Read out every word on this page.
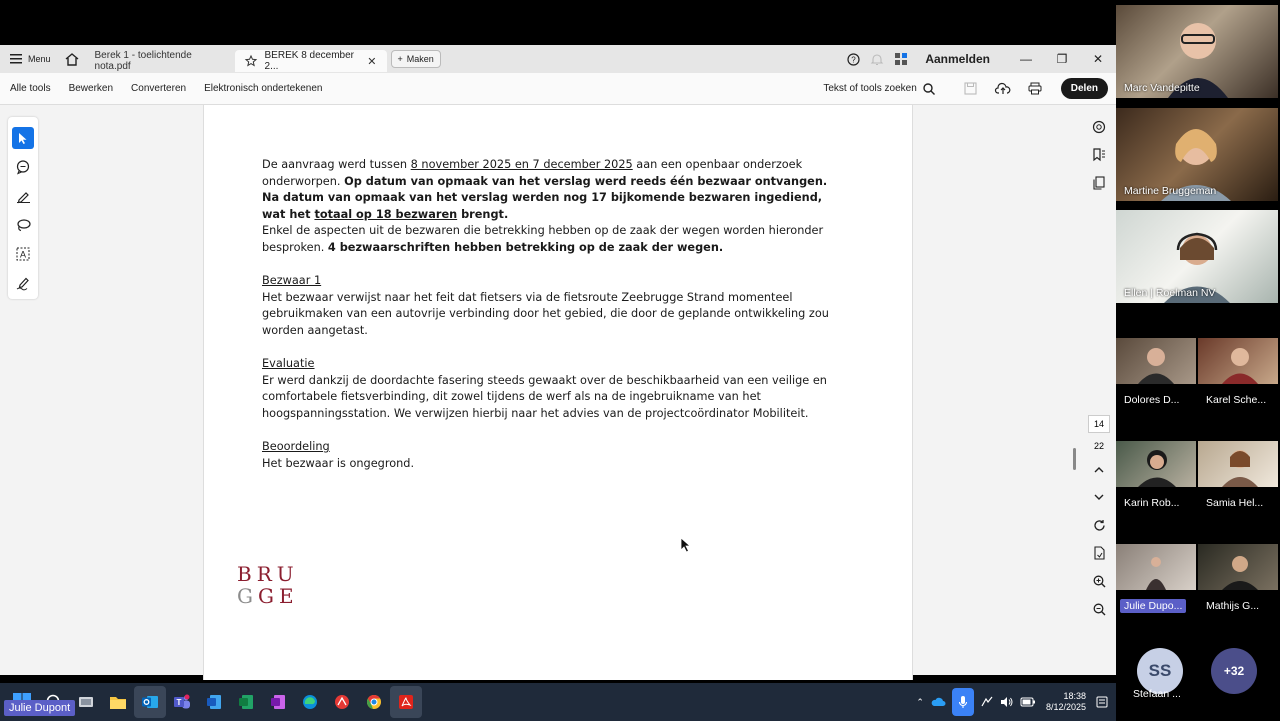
Menu	Berek 1 - toelichtende nota.pdf
BEREK 8 december 2...	✕ + Maken	?	Aanmelden	—	❐	✕
Alle tools Bewerken Converteren Elektronisch ondertekenen	Tekst of tools zoeken	Delen
A

De aanvraag werd tussen 8 november 2025 en 7 december 2025 aan een openbaar onderzoek onderworpen. Op datum van opmaak van het verslag werd reeds één bezwaar ontvangen. Na datum van opmaak van het verslag werden nog 17 bijkomende bezwaren ingediend, wat het totaal op 18 bezwaren brengt.
Enkel de aspecten uit de bezwaren die betrekking hebben op de zaak der wegen worden hieronder besproken. 4 bezwaarschriften hebben betrekking op de zaak der wegen.

Bezwaar 1
Het bezwaar verwijst naar het feit dat fietsers via de fietsroute Zeebrugge Strand momenteel gebruikmaken van een autovrije verbinding door het gebied, die door de geplande ontwikkeling zou worden aangetast.

Evaluatie
Er werd dankzij de doordachte fasering steeds gewaakt over de beschikbaarheid van een veilige en comfortabele fietsverbinding, dit zowel tijdens de werf als na de ingebruikname van het hoogspanningsstation. We verwijzen hierbij naar het advies van de projectcoördinator Mobiliteit.

Beoordeling
Het bezwaar is ongegrond.

BRU
GGE
14
22
T	⌃
18:38
8/12/2025
Marc Vandepitte
Martine Bruggeman
Ellen | Roelman NV
Dolores D...	Karel Sche...
Karin Rob...	Samia Hel...
Julie Dupo...	Mathijs G...
SS
Stefaan ...
+32
Julie Dupont
